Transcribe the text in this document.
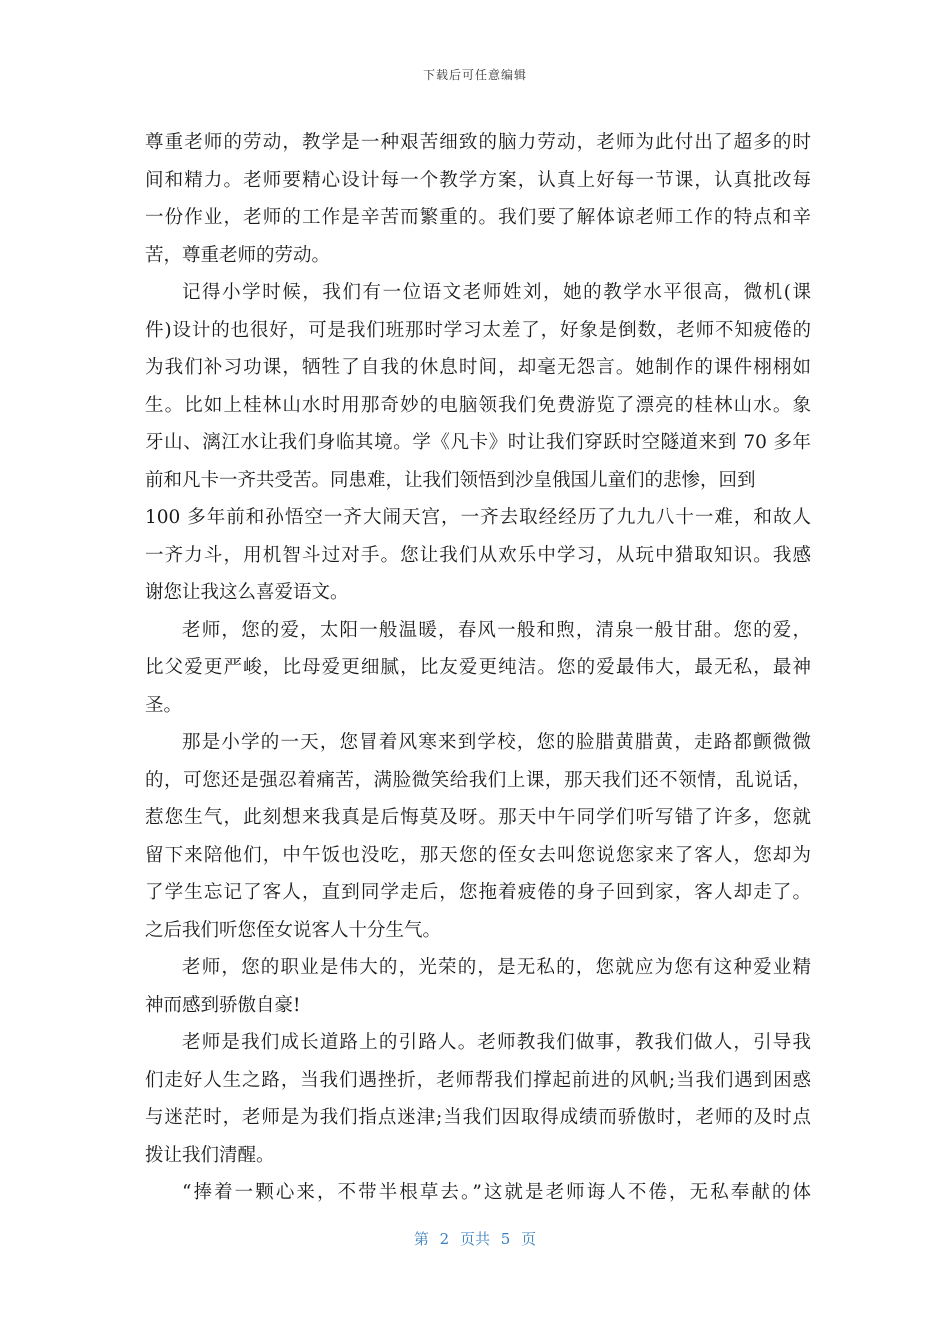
下载后可任意编辑
尊重老师的劳动，教学是一种艰苦细致的脑力劳动，老师为此付出了超多的时
间和精力。老师要精心设计每一个教学方案，认真上好每一节课，认真批改每
一份作业，老师的工作是辛苦而繁重的。我们要了解体谅老师工作的特点和辛
苦，尊重老师的劳动。
记得小学时候，我们有一位语文老师姓刘，她的教学水平很高，微机(课
件)设计的也很好，可是我们班那时学习太差了，好象是倒数，老师不知疲倦的
为我们补习功课，牺牲了自我的休息时间，却毫无怨言。她制作的课件栩栩如
生。比如上桂林山水时用那奇妙的电脑领我们免费游览了漂亮的桂林山水。象
牙山、漓江水让我们身临其境。学《凡卡》时让我们穿跃时空隧道来到 70 多年
前和凡卡一齐共受苦。同患难，让我们领悟到沙皇俄国儿童们的悲惨，回到
100 多年前和孙悟空一齐大闹天宫，一齐去取经经历了九九八十一难，和故人
一齐力斗，用机智斗过对手。您让我们从欢乐中学习，从玩中猎取知识。我感
谢您让我这么喜爱语文。
老师，您的爱，太阳一般温暖，春风一般和煦，清泉一般甘甜。您的爱，
比父爱更严峻，比母爱更细腻，比友爱更纯洁。您的爱最伟大，最无私，最神
圣。
那是小学的一天，您冒着风寒来到学校，您的脸腊黄腊黄，走路都颤微微
的，可您还是强忍着痛苦，满脸微笑给我们上课，那天我们还不领情，乱说话，
惹您生气，此刻想来我真是后悔莫及呀。那天中午同学们听写错了许多，您就
留下来陪他们，中午饭也没吃，那天您的侄女去叫您说您家来了客人，您却为
了学生忘记了客人，直到同学走后，您拖着疲倦的身子回到家，客人却走了。
之后我们听您侄女说客人十分生气。
老师，您的职业是伟大的，光荣的，是无私的，您就应为您有这种爱业精
神而感到骄傲自豪!
老师是我们成长道路上的引路人。老师教我们做事，教我们做人，引导我
们走好人生之路，当我们遇挫折，老师帮我们撑起前进的风帆;当我们遇到困惑
与迷茫时，老师是为我们指点迷津;当我们因取得成绩而骄傲时，老师的及时点
拨让我们清醒。
“捧着一颗心来，不带半根草去。”这就是老师诲人不倦，无私奉献的体
第 2 页共 5 页
